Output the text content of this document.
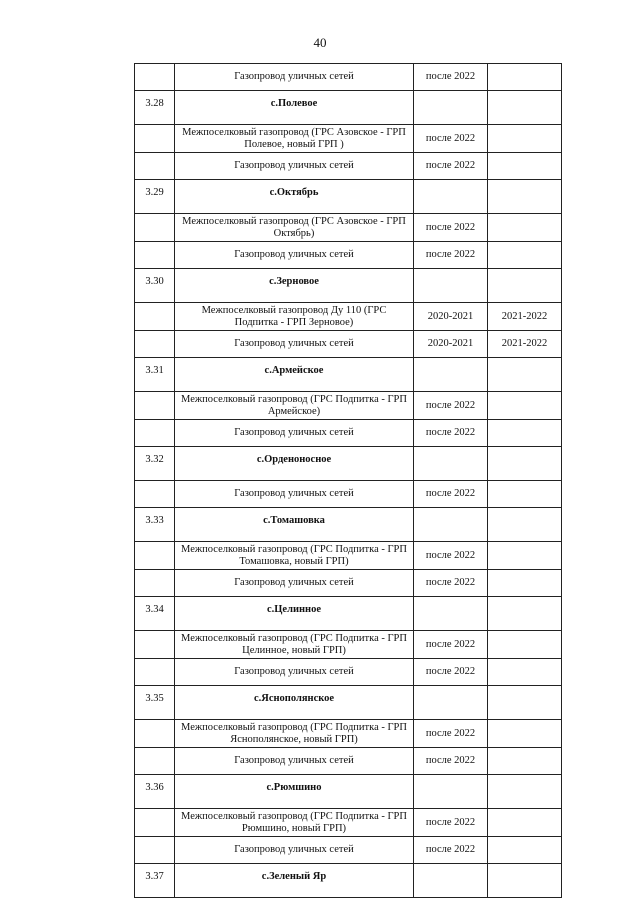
40
	Газопровод уличных сетей	после 2022	
3.28	с.Полевое		
	Межпоселковый газопровод (ГРС Азовское - ГРП Полевое, новый ГРП )	после 2022	
	Газопровод уличных сетей	после 2022	
3.29	с.Октябрь		
	Межпоселковый газопровод (ГРС Азовское - ГРП Октябрь)	после 2022	
	Газопровод уличных сетей	после 2022	
3.30	с.Зерновое		
	Межпоселковый газопровод Ду 110 (ГРС Подпитка - ГРП Зерновое)	2020-2021	2021-2022
	Газопровод уличных сетей	2020-2021	2021-2022
3.31	с.Армейское		
	Межпоселковый газопровод (ГРС Подпитка - ГРП Армейское)	после 2022	
	Газопровод уличных сетей	после 2022	
3.32	с.Орденоносное		
	Газопровод уличных сетей	после 2022	
3.33	с.Томашовка		
	Межпоселковый газопровод (ГРС Подпитка - ГРП Томашовка, новый ГРП)	после 2022	
	Газопровод уличных сетей	после 2022	
3.34	с.Целинное		
	Межпоселковый газопровод (ГРС Подпитка - ГРП Целинное, новый ГРП)	после 2022	
	Газопровод уличных сетей	после 2022	
3.35	с.Яснополянское		
	Межпоселковый газопровод (ГРС Подпитка - ГРП Яснополянское, новый ГРП)	после 2022	
	Газопровод уличных сетей	после 2022	
3.36	с.Рюмшино		
	Межпоселковый газопровод (ГРС Подпитка - ГРП Рюмшино, новый ГРП)	после 2022	
	Газопровод уличных сетей	после 2022	
3.37	с.Зеленый Яр		
